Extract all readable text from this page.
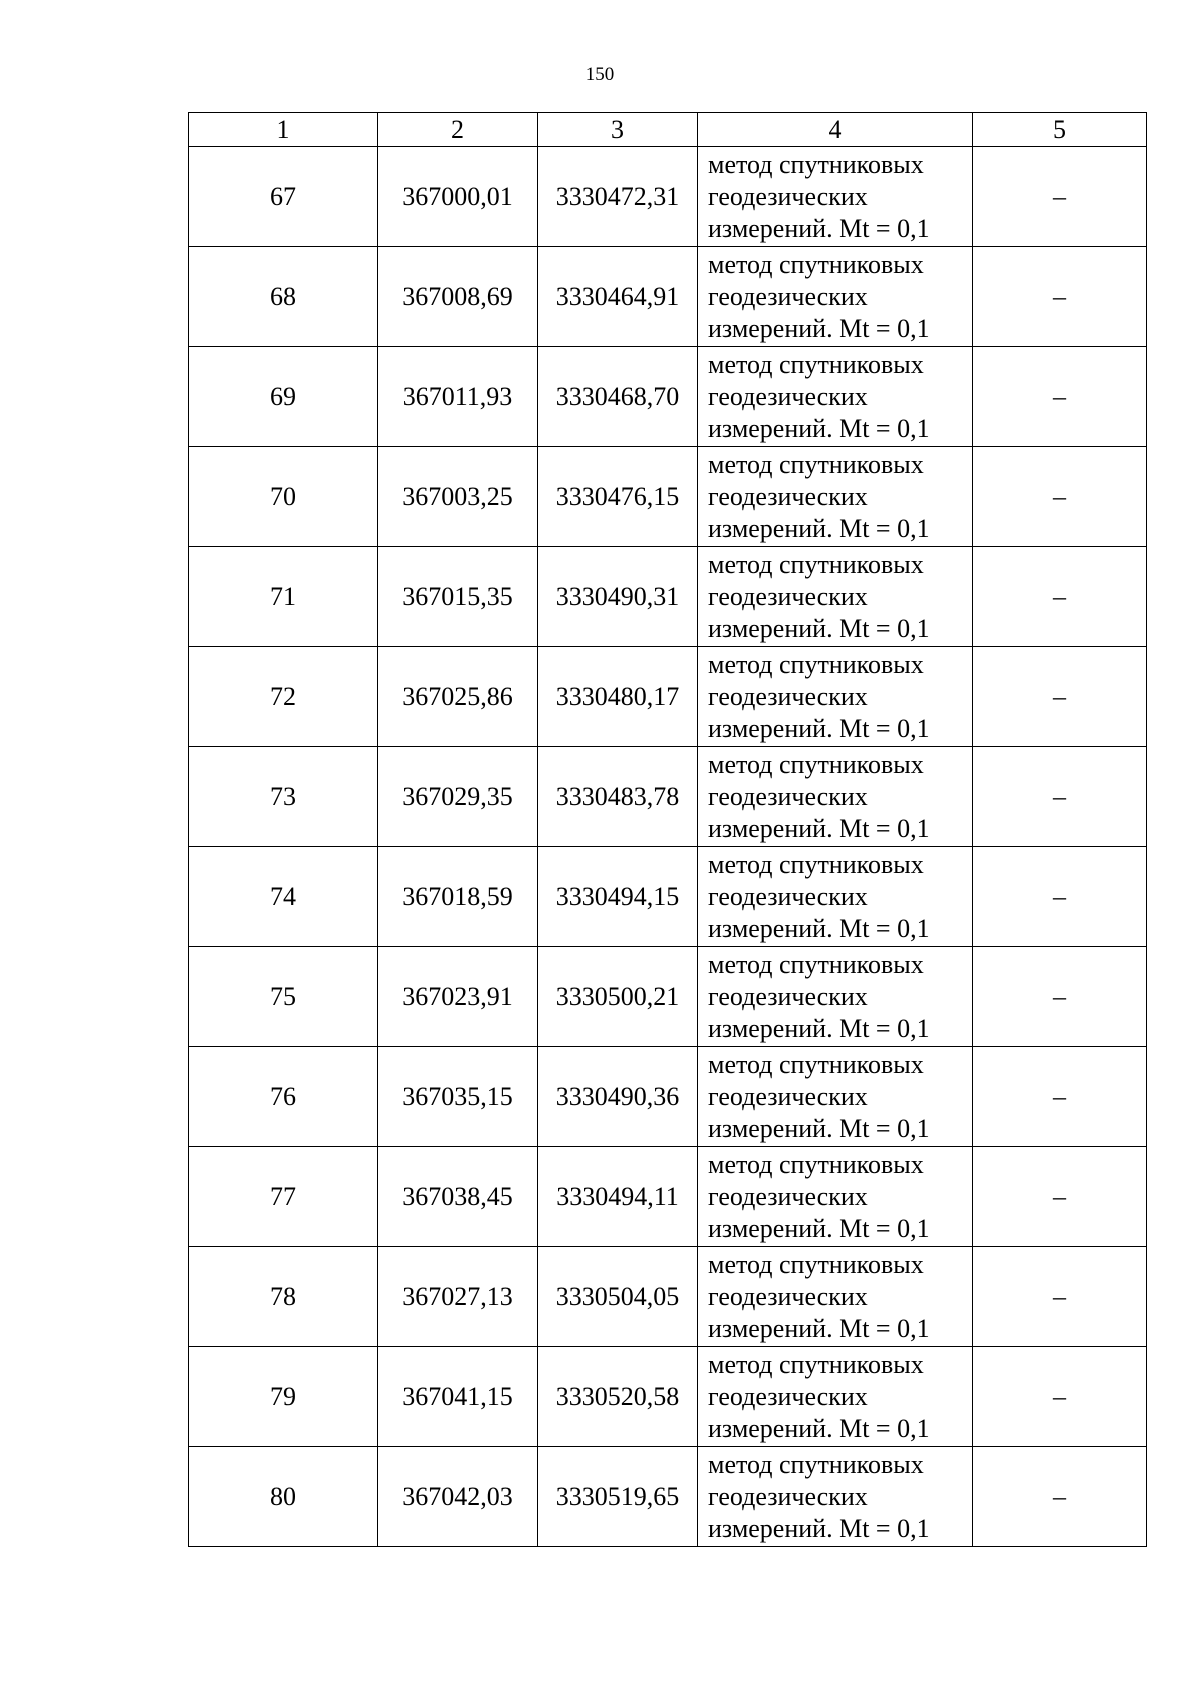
150
1	2	3	4	5
67	367000,01	3330472,31	метод спутниковых
геодезических
измерений. Mt = 0,1	–
68	367008,69	3330464,91	метод спутниковых
геодезических
измерений. Mt = 0,1	–
69	367011,93	3330468,70	метод спутниковых
геодезических
измерений. Mt = 0,1	–
70	367003,25	3330476,15	метод спутниковых
геодезических
измерений. Mt = 0,1	–
71	367015,35	3330490,31	метод спутниковых
геодезических
измерений. Mt = 0,1	–
72	367025,86	3330480,17	метод спутниковых
геодезических
измерений. Mt = 0,1	–
73	367029,35	3330483,78	метод спутниковых
геодезических
измерений. Mt = 0,1	–
74	367018,59	3330494,15	метод спутниковых
геодезических
измерений. Mt = 0,1	–
75	367023,91	3330500,21	метод спутниковых
геодезических
измерений. Mt = 0,1	–
76	367035,15	3330490,36	метод спутниковых
геодезических
измерений. Mt = 0,1	–
77	367038,45	3330494,11	метод спутниковых
геодезических
измерений. Mt = 0,1	–
78	367027,13	3330504,05	метод спутниковых
геодезических
измерений. Mt = 0,1	–
79	367041,15	3330520,58	метод спутниковых
геодезических
измерений. Mt = 0,1	–
80	367042,03	3330519,65	метод спутниковых
геодезических
измерений. Mt = 0,1	–
